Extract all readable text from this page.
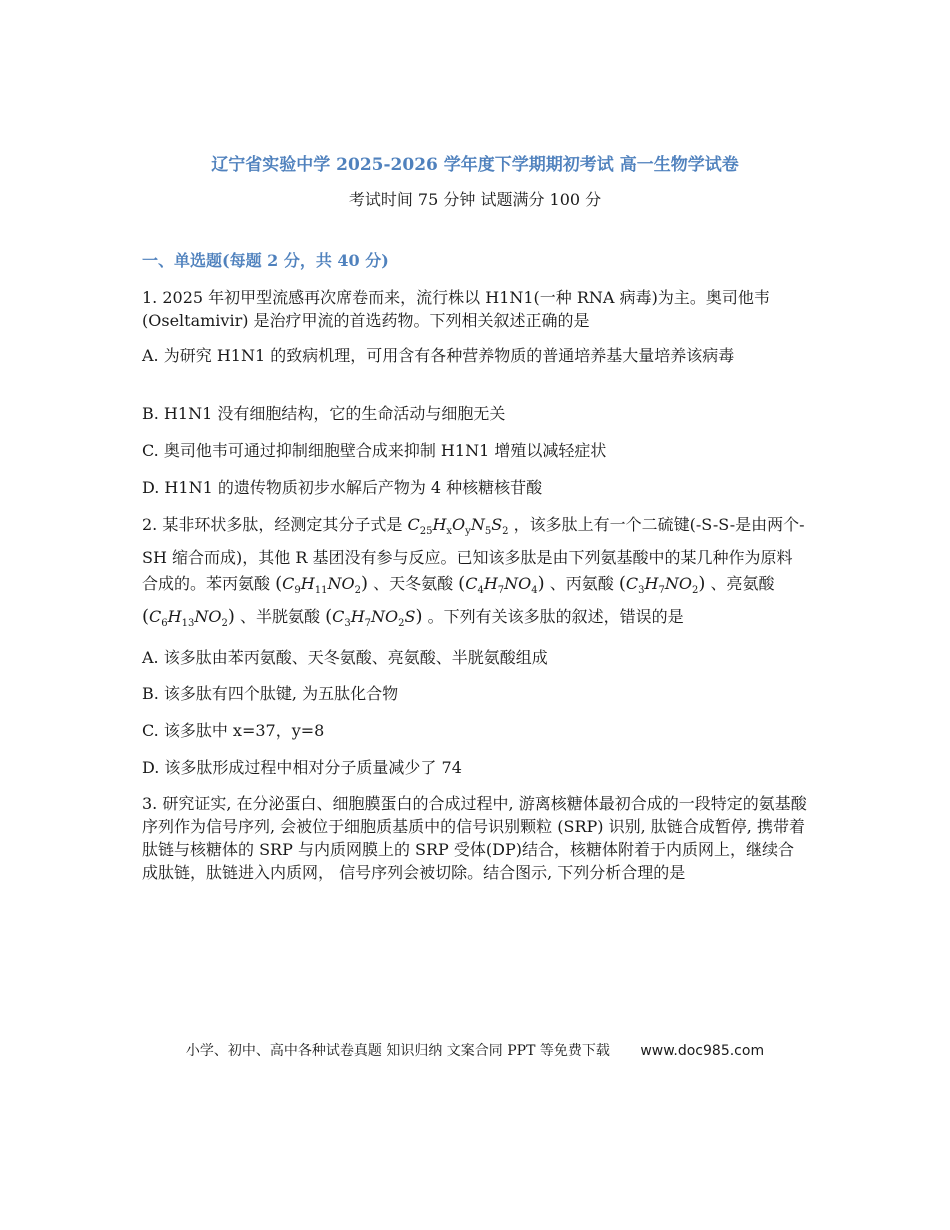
辽宁省实验中学 2025-2026 学年度下学期期初考试 高一生物学试卷
考试时间 75 分钟 试题满分 100 分
一、单选题(每题 2 分，共 40 分)
1. 2025 年初甲型流感再次席卷而来，流行株以 H1N1(一种 RNA 病毒)为主。奥司他韦(Oseltamivir) 是治疗甲流的首选药物。下列相关叙述正确的是
A. 为研究 H1N1 的致病机理，可用含有各种营养物质的普通培养基大量培养该病毒
B. H1N1 没有细胞结构，它的生命活动与细胞无关
C. 奥司他韦可通过抑制细胞壁合成来抑制 H1N1 增殖以减轻症状
D. H1N1 的遗传物质初步水解后产物为 4 种核糖核苷酸
2. 某非环状多肽，经测定其分子式是 $C_{25}H_xO_yN_5S_2$ ，该多肽上有一个二硫键(-S-S-是由两个-SH 缩合而成)，其他 R 基团没有参与反应。已知该多肽是由下列氨基酸中的某几种作为原料合成的。苯丙氨酸 $(C_9H_{11}NO_2)$ 、天冬氨酸 $(C_4H_7NO_4)$ 、丙氨酸 $(C_3H_7NO_2)$ 、亮氨酸 $(C_6H_{13}NO_2)$ 、半胱氨酸 $(C_3H_7NO_2S)$ 。下列有关该多肽的叙述，错误的是
A. 该多肽由苯丙氨酸、天冬氨酸、亮氨酸、半胱氨酸组成
B. 该多肽有四个肽键, 为五肽化合物
C. 该多肽中 x=37，y=8
D. 该多肽形成过程中相对分子质量减少了 74
3. 研究证实, 在分泌蛋白、细胞膜蛋白的合成过程中, 游离核糖体最初合成的一段特定的氨基酸序列作为信号序列, 会被位于细胞质基质中的信号识别颗粒 (SRP) 识别, 肽链合成暂停, 携带着肽链与核糖体的 SRP 与内质网膜上的 SRP 受体(DP)结合，核糖体附着于内质网上，继续合成肽链，肽链进入内质网， 信号序列会被切除。结合图示, 下列分析合理的是
小学、初中、高中各种试卷真题 知识归纳 文案合同 PPT 等免费下载 www.doc985.com
